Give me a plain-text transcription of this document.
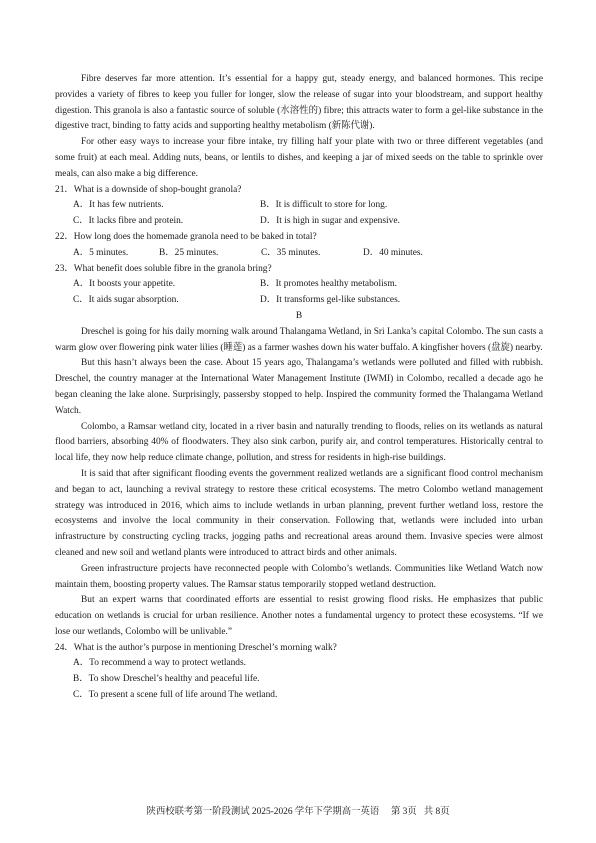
Fibre deserves far more attention. It’s essential for a happy gut, steady energy, and balanced hormones. This recipe provides a variety of fibres to keep you fuller for longer, slow the release of sugar into your bloodstream, and support healthy digestion. This granola is also a fantastic source of soluble (水溶性的) fibre; this attracts water to form a gel-like substance in the digestive tract, binding to fatty acids and supporting healthy metabolism (新陈代谢).

For other easy ways to increase your fibre intake, try filling half your plate with two or three different vegetables (and some fruit) at each meal. Adding nuts, beans, or lentils to dishes, and keeping a jar of mixed seeds on the table to sprinkle over meals, can also make a big difference.

21．What is a downside of shop-bought granola?

A．It has few nutrients.	B．It is difficult to store for long.
C．It lacks fibre and protein.	D．It is high in sugar and expensive.

22．How long does the homemade granola need to be baked in total?

A．5 minutes.	B．25 minutes.	C．35 minutes.	D．40 minutes.

23．What benefit does soluble fibre in the granola bring?

A．It boosts your appetite.	B．It promotes healthy metabolism.
C．It aids sugar absorption.	D．It transforms gel-like substances.

B

Dreschel is going for his daily morning walk around Thalangama Wetland, in Sri Lanka’s capital Colombo. The sun casts a warm glow over flowering pink water lilies (睡莲) as a farmer washes down his water buffalo. A kingfisher hovers (盘旋) nearby.

But this hasn’t always been the case. About 15 years ago, Thalangama’s wetlands were polluted and filled with rubbish. Dreschel, the country manager at the International Water Management Institute (IWMI) in Colombo, recalled a decade ago he began cleaning the lake alone. Surprisingly, passersby stopped to help. Inspired the community formed the Thalangama Wetland Watch.

Colombo, a Ramsar wetland city, located in a river basin and naturally trending to floods, relies on its wetlands as natural flood barriers, absorbing 40% of floodwaters. They also sink carbon, purify air, and control temperatures. Historically central to local life, they now help reduce climate change, pollution, and stress for residents in high-rise buildings.

It is said that after significant flooding events the government realized wetlands are a significant flood control mechanism and began to act, launching a revival strategy to restore these critical ecosystems. The metro Colombo wetland management strategy was introduced in 2016, which aims to include wetlands in urban planning, prevent further wetland loss, restore the ecosystems and involve the local community in their conservation. Following that, wetlands were included into urban infrastructure by constructing cycling tracks, jogging paths and recreational areas around them. Invasive species were almost cleaned and new soil and wetland plants were introduced to attract birds and other animals.

Green infrastructure projects have reconnected people with Colombo’s wetlands. Communities like Wetland Watch now maintain them, boosting property values. The Ramsar status temporarily stopped wetland destruction.

But an expert warns that coordinated efforts are essential to resist growing flood risks. He emphasizes that public education on wetlands is crucial for urban resilience. Another notes a fundamental urgency to protect these ecosystems. “If we lose our wetlands, Colombo will be unlivable.”

24．What is the author’s purpose in mentioning Dreschel’s morning walk?

A．To recommend a way to protect wetlands.
B．To show Dreschel’s healthy and peaceful life.
C．To present a scene full of life around The wetland.
陕西校联考第一阶段测试 2025-2026 学年下学期高一英语     第 3页   共 8页
